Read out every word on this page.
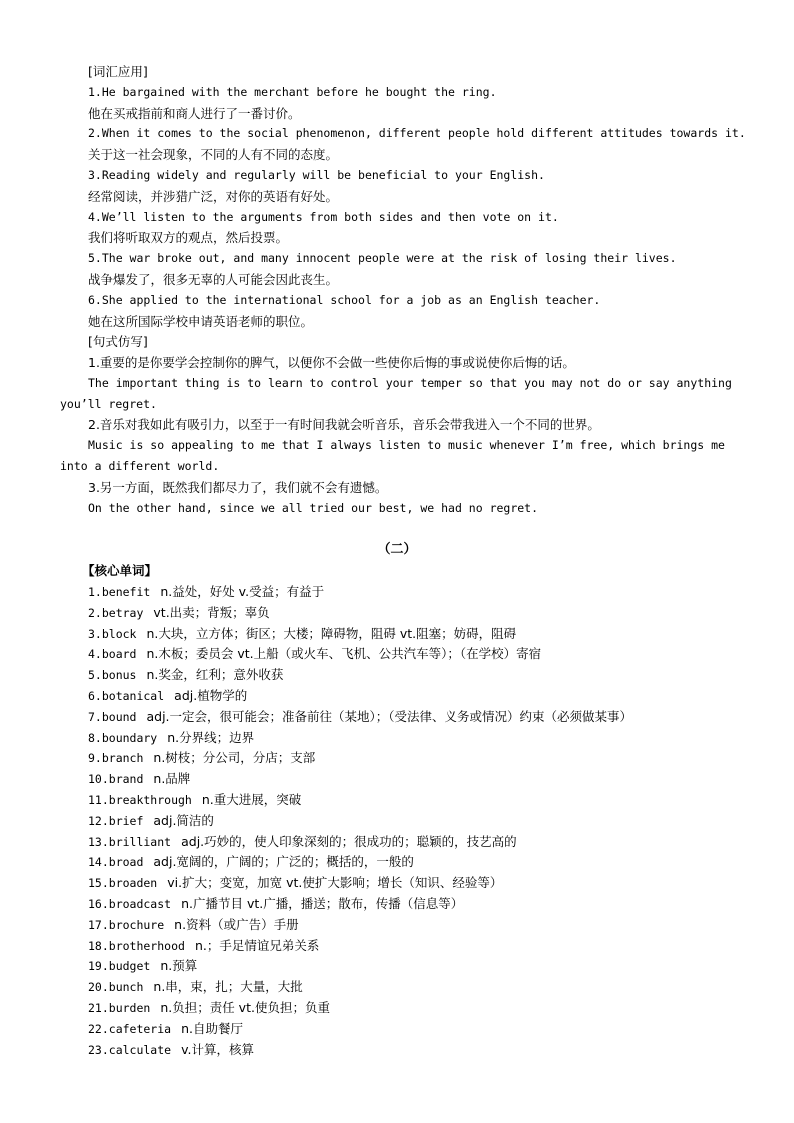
[词汇应用]
1.He bargained with the merchant before he bought the ring.
他在买戒指前和商人进行了一番讨价。
2.When it comes to the social phenomenon, different people hold different attitudes towards it.
关于这一社会现象，不同的人有不同的态度。
3.Reading widely and regularly will be beneficial to your English.
经常阅读，并涉猎广泛，对你的英语有好处。
4.We’ll listen to the arguments from both sides and then vote on it.
我们将听取双方的观点，然后投票。
5.The war broke out, and many innocent people were at the risk of losing their lives.
战争爆发了，很多无辜的人可能会因此丧生。
6.She applied to the international school for a job as an English teacher.
她在这所国际学校申请英语老师的职位。
[句式仿写]
1.重要的是你要学会控制你的脾气，以便你不会做一些使你后悔的事或说使你后悔的话。
The important thing is to learn to control your temper so that you may not do or say anything
you’ll regret.
2.音乐对我如此有吸引力，以至于一有时间我就会听音乐，音乐会带我进入一个不同的世界。
Music is so appealing to me that I always listen to music whenever I’m free, which brings me
into a different world.
3.另一方面，既然我们都尽力了，我们就不会有遗憾。
On the other hand, since we all tried our best, we had no regret.
（二）
【核心单词】
1.benefit n.益处，好处 v.受益；有益于
2.betray vt.出卖；背叛；辜负
3.block n.大块，立方体；街区；大楼；障碍物，阻碍 vt.阻塞；妨碍，阻碍
4.board n.木板；委员会 vt.上船（或火车、飞机、公共汽车等）；（在学校）寄宿
5.bonus n.奖金，红利；意外收获
6.botanical adj.植物学的
7.bound adj.一定会，很可能会；准备前往（某地）；（受法律、义务或情况）约束（必须做某事）
8.boundary n.分界线；边界
9.branch n.树枝；分公司，分店；支部
10.brand n.品牌
11.breakthrough n.重大进展，突破
12.brief adj.简洁的
13.brilliant adj.巧妙的，使人印象深刻的；很成功的；聪颖的，技艺高的
14.broad adj.宽阔的，广阔的；广泛的；概括的，一般的
15.broaden vi.扩大；变宽，加宽 vt.使扩大影响；增长（知识、经验等）
16.broadcast n.广播节目 vt.广播，播送；散布，传播（信息等）
17.brochure n.资料（或广告）手册
18.brotherhood n.；手足情谊兄弟关系
19.budget n.预算
20.bunch n.串，束，扎；大量，大批
21.burden n.负担；责任 vt.使负担；负重
22.cafeteria n.自助餐厅
23.calculate v.计算，核算
